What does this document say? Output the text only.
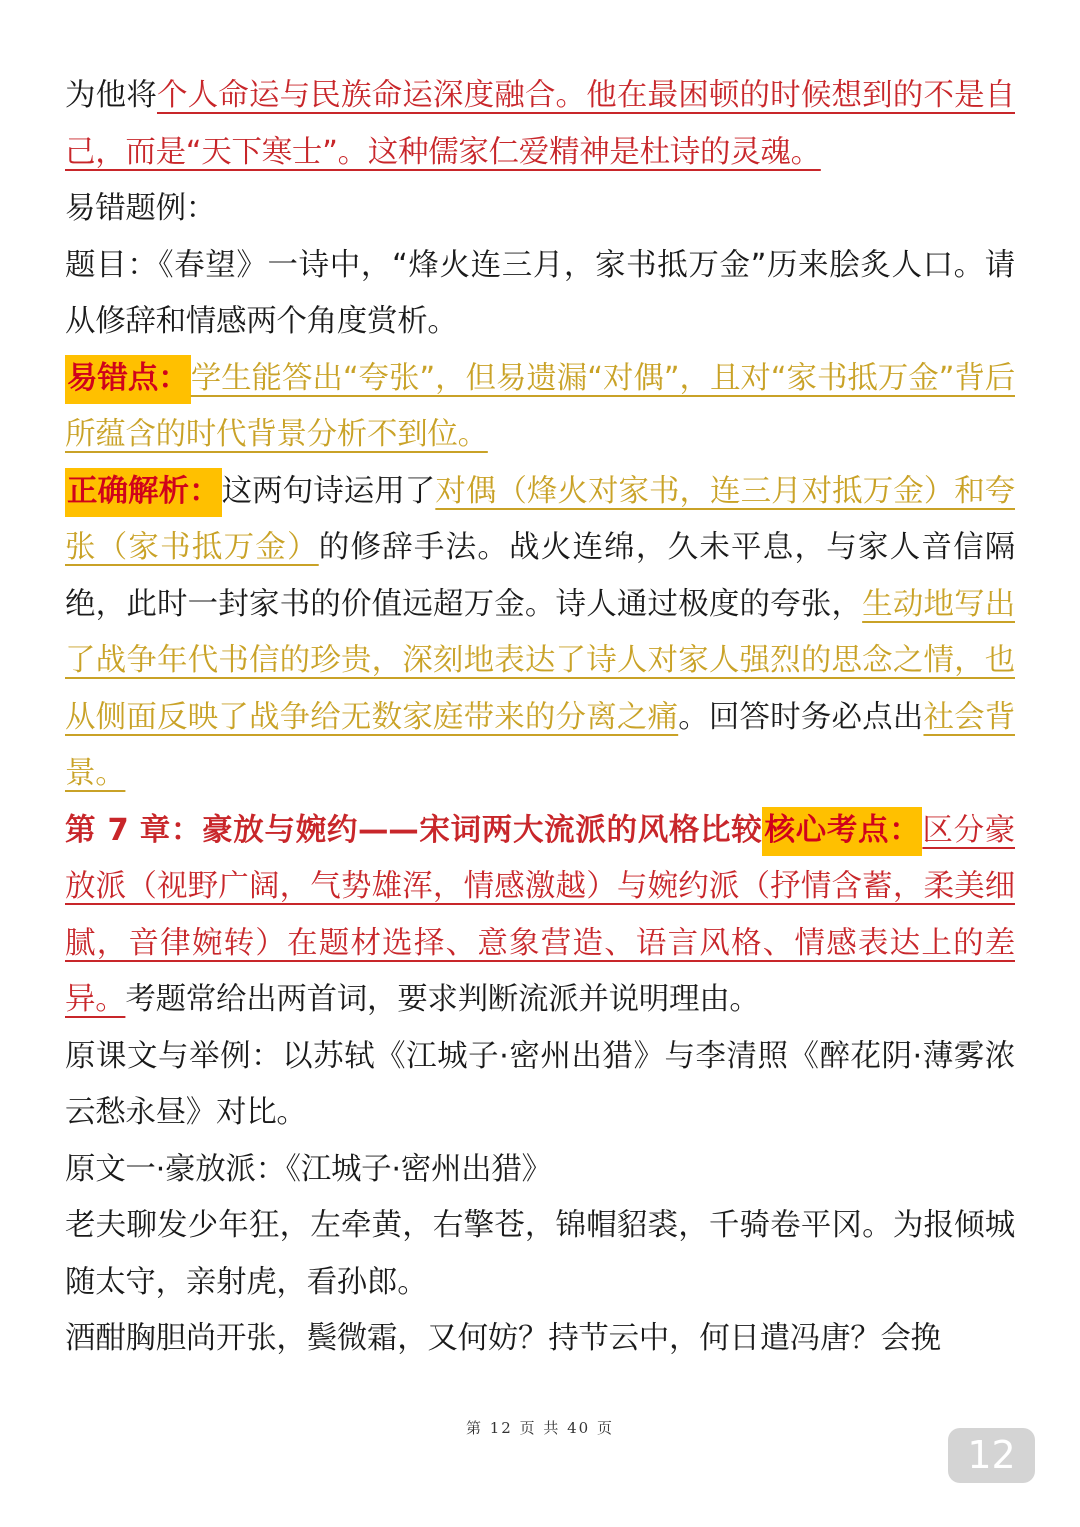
为他将个人命运与民族命运深度融合。他在最困顿的时候想到的不是自己，而是“天下寒士”。这种儒家仁爱精神是杜诗的灵魂。

易错题例：

题目：《春望》一诗中，“烽火连三月，家书抵万金”历来脍炙人口。请从修辞和情感两个角度赏析。

易错点：学生能答出“夸张”，但易遗漏“对偶”，且对“家书抵万金”背后所蕴含的时代背景分析不到位。

正确解析：这两句诗运用了对偶（烽火对家书，连三月对抵万金）和夸张（家书抵万金）的修辞手法。战火连绵，久未平息，与家人音信隔绝，此时一封家书的价值远超万金。诗人通过极度的夸张，生动地写出了战争年代书信的珍贵，深刻地表达了诗人对家人强烈的思念之情，也从侧面反映了战争给无数家庭带来的分离之痛。回答时务必点出社会背景。

第 7 章：豪放与婉约——宋词两大流派的风格比较核心考点：区分豪放派（视野广阔，气势雄浑，情感激越）与婉约派（抒情含蓄，柔美细腻，音律婉转）在题材选择、意象营造、语言风格、情感表达上的差异。考题常给出两首词，要求判断流派并说明理由。

原课文与举例：以苏轼《江城子·密州出猎》与李清照《醉花阴·薄雾浓云愁永昼》对比。

原文一·豪放派：《江城子·密州出猎》

老夫聊发少年狂，左牵黄，右擎苍，锦帽貂裘，千骑卷平冈。为报倾城随太守，亲射虎，看孙郎。

酒酣胸胆尚开张，鬓微霜，又何妨？持节云中，何日遣冯唐？会挽

第 12 页 共 40 页
12
